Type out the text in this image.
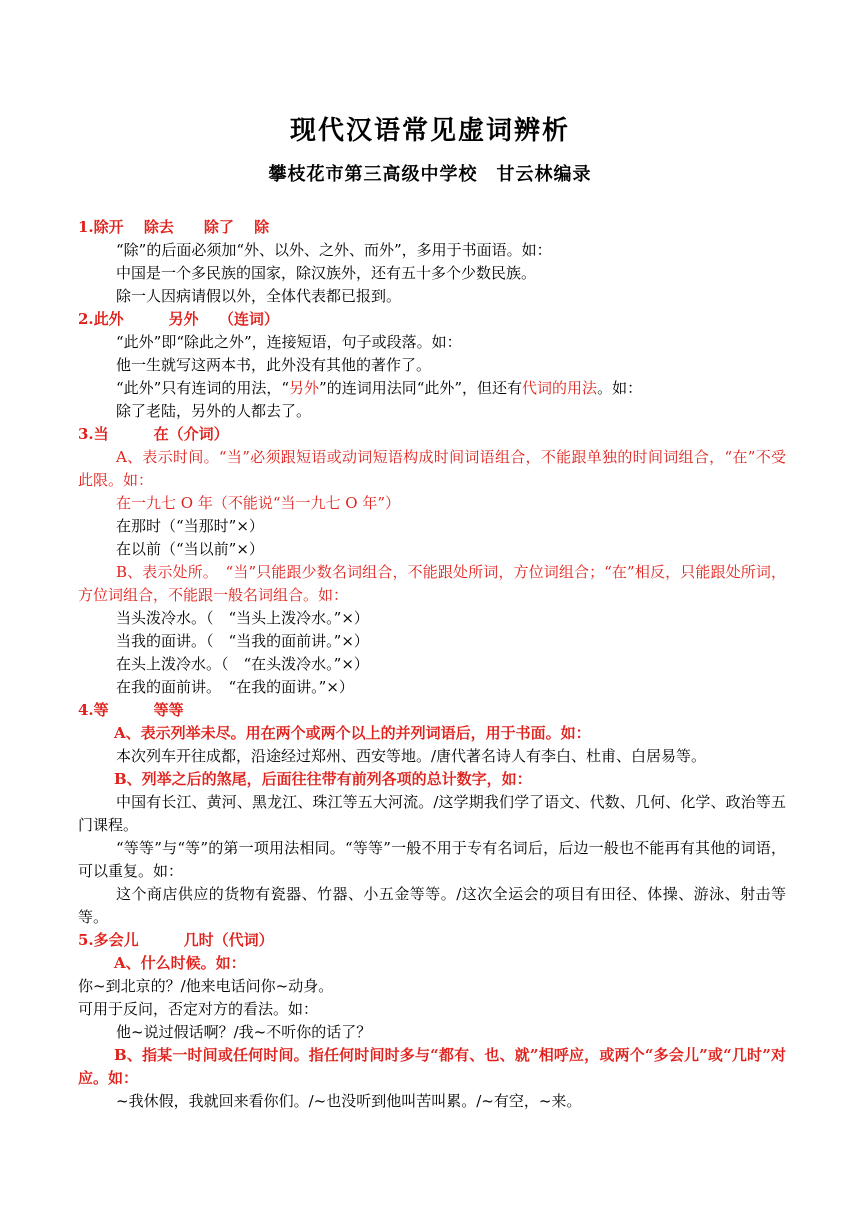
现代汉语常见虚词辨析
攀枝花市第三高级中学校　甘云林编录

1.除开　 除去　　除了　 除

“除”的后面必须加“外、以外、之外、而外”，多用于书面语。如：

中国是一个多民族的国家，除汉族外，还有五十多个少数民族。

除一人因病请假以外，全体代表都已报到。

2.此外　　　另外　 （连词）

“此外”即“除此之外”，连接短语，句子或段落。如：

他一生就写这两本书，此外没有其他的著作了。

“此外”只有连词的用法，“另外”的连词用法同“此外”，但还有代词的用法。如：

除了老陆，另外的人都去了。

3.当　　　在（介词）

A、表示时间。“当”必须跟短语或动词短语构成时间词语组合，不能跟单独的时间词组合，“在”不受此限。如：

在一九七 O 年（不能说“当一九七 O 年”）

在那时（“当那时”×）

在以前（“当以前”×）

B、表示处所。　“当”只能跟少数名词组合，不能跟处所词，方位词组合；“在”相反，只能跟处所词，方位词组合，不能跟一般名词组合。如：

当头泼冷水。（　“当头上泼冷水。”×）

当我的面讲。（　“当我的面前讲。”×）

在头上泼冷水。（　“在头泼冷水。”×）

在我的面前讲。　“在我的面讲。”×）

4.等　　　等等

A、表示列举未尽。用在两个或两个以上的并列词语后，用于书面。如：

本次列车开往成都，沿途经过郑州、西安等地。/唐代著名诗人有李白、杜甫、白居易等。

B、列举之后的煞尾，后面往往带有前列各项的总计数字，如：

中国有长江、黄河、黑龙江、珠江等五大河流。/这学期我们学了语文、代数、几何、化学、政治等五门课程。

“等等”与“等”的第一项用法相同。“等等”一般不用于专有名词后，后边一般也不能再有其他的词语，可以重复。如：

这个商店供应的货物有瓷器、竹器、小五金等等。/这次全运会的项目有田径、体操、游泳、射击等等。

5.多会儿　　　几时（代词）

A、什么时候。如：

你~到北京的？/他来电话问你~动身。

可用于反问，否定对方的看法。如：

他~说过假话啊？/我~不听你的话了？

B、指某一时间或任何时间。指任何时间时多与“都有、也、就”相呼应，或两个“多会儿”或“几时”对应。如：

~我休假，我就回来看你们。/~也没听到他叫苦叫累。/~有空，~来。
